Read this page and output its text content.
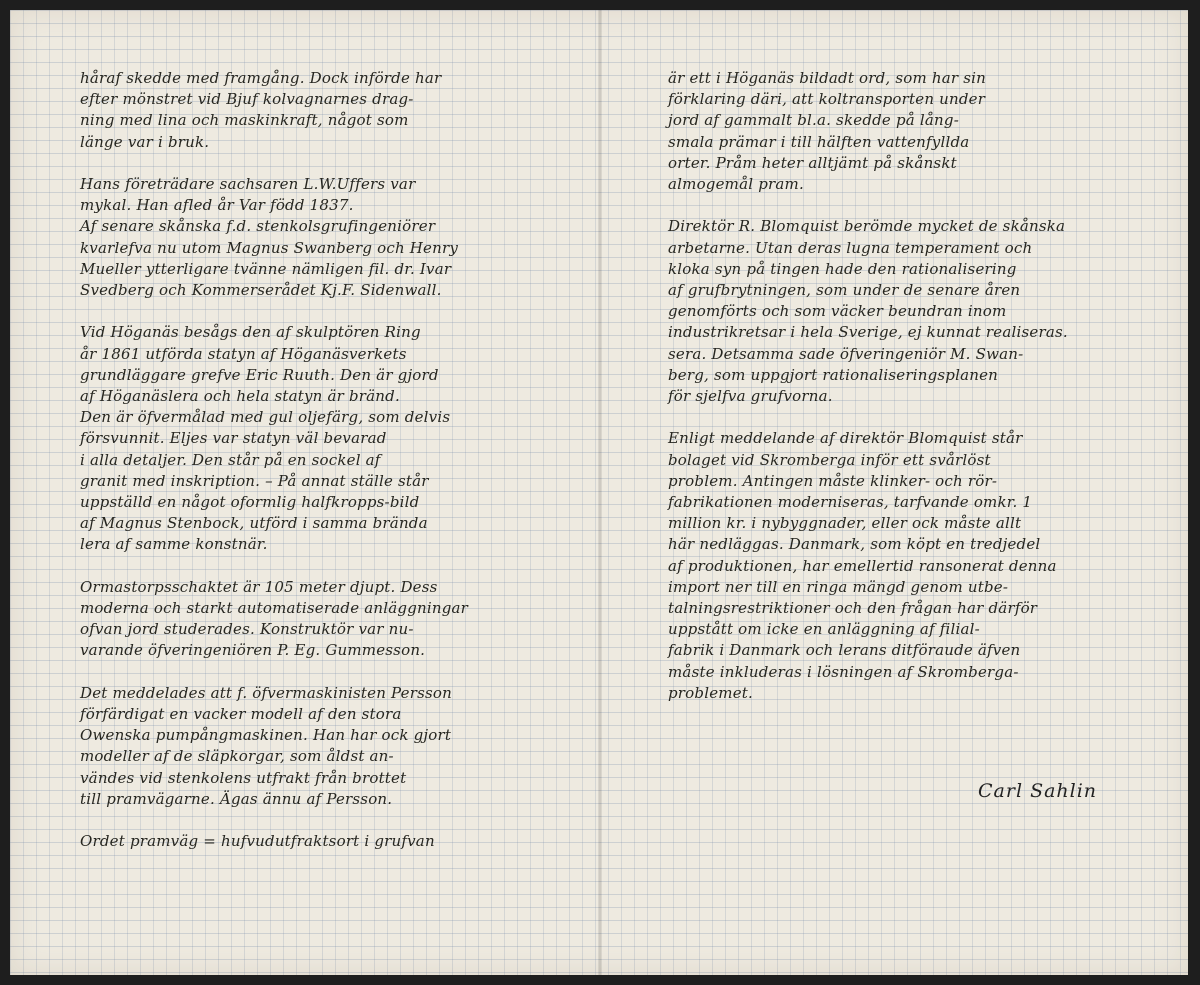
håraf skedde med framgång. Dock införde har
efter mönstret vid Bjuf kolvagnarnes drag-
ning med lina och maskinkraft, något som
länge var i bruk.
Hans företrädare sachsaren L.W.Uffers var
mykal. Han afled år Var född 1837.
Af senare skånska f.d. stenkolsgrufingeniörer
kvarlefva nu utom Magnus Swanberg och Henry
Mueller ytterligare tvänne nämligen fil. dr. Ivar
Svedberg och Kommerserådet Kj.F. Sidenwall.
Vid Höganäs besågs den af skulptören Ring
år 1861 utförda statyn af Höganäsverkets
grundläggare grefve Eric Ruuth. Den är gjord
af Höganäslera och hela statyn är bränd.
Den är öfvermålad med gul oljefärg, som delvis
försvunnit. Eljes var statyn väl bevarad
i alla detaljer. Den står på en sockel af
granit med inskription. – På annat ställe står
uppställd en något oformlig halfkropps-bild
af Magnus Stenbock, utförd i samma brända
lera af samme konstnär.
Ormastorpsschaktet är 105 meter djupt. Dess
moderna och starkt automatiserade anläggningar
ofvan jord studerades. Konstruktör var nu-
varande öfveringeniören P. Eg. Gummesson.
Det meddelades att f. öfvermaskinisten Persson
förfärdigat en vacker modell af den stora
Owenska pumpångmaskinen. Han har ock gjort
modeller af de släpkorgar, som åldst an-
vändes vid stenkolens utfrakt från brottet
till pramvägarne. Ägas ännu af Persson.
Ordet pramväg = hufvudutfraktsort i grufvan
är ett i Höganäs bildadt ord, som har sin
förklaring däri, att koltransporten under
jord af gammalt bl.a. skedde på lång-
smala prämar i till hälften vattenfyllda
orter. Pråm heter alltjämt på skånskt
almogemål pram.
Direktör R. Blomquist berömde mycket de skånska
arbetarne. Utan deras lugna temperament och
kloka syn på tingen hade den rationalisering
af grufbrytningen, som under de senare åren
genomförts och som väcker beundran inom
industrikretsar i hela Sverige, ej kunnat realiseras.
sera. Detsamma sade öfveringeniör M. Swan-
berg, som uppgjort rationaliseringsplanen
för sjelfva grufvorna.
Enligt meddelande af direktör Blomquist står
bolaget vid Skromberga inför ett svårlöst
problem. Antingen måste klinker- och rör-
fabrikationen moderniseras, tarfvande omkr. 1
million kr. i nybyggnader, eller ock måste allt
här nedläggas. Danmark, som köpt en tredjedel
af produktionen, har emellertid ransonerat denna
import ner till en ringa mängd genom utbe-
talningsrestriktioner och den frågan har därför
uppstått om icke en anläggning af filial-
fabrik i Danmark och lerans ditföraude äfven
måste inkluderas i lösningen af Skromberga-
problemet.
Carl Sahlin
